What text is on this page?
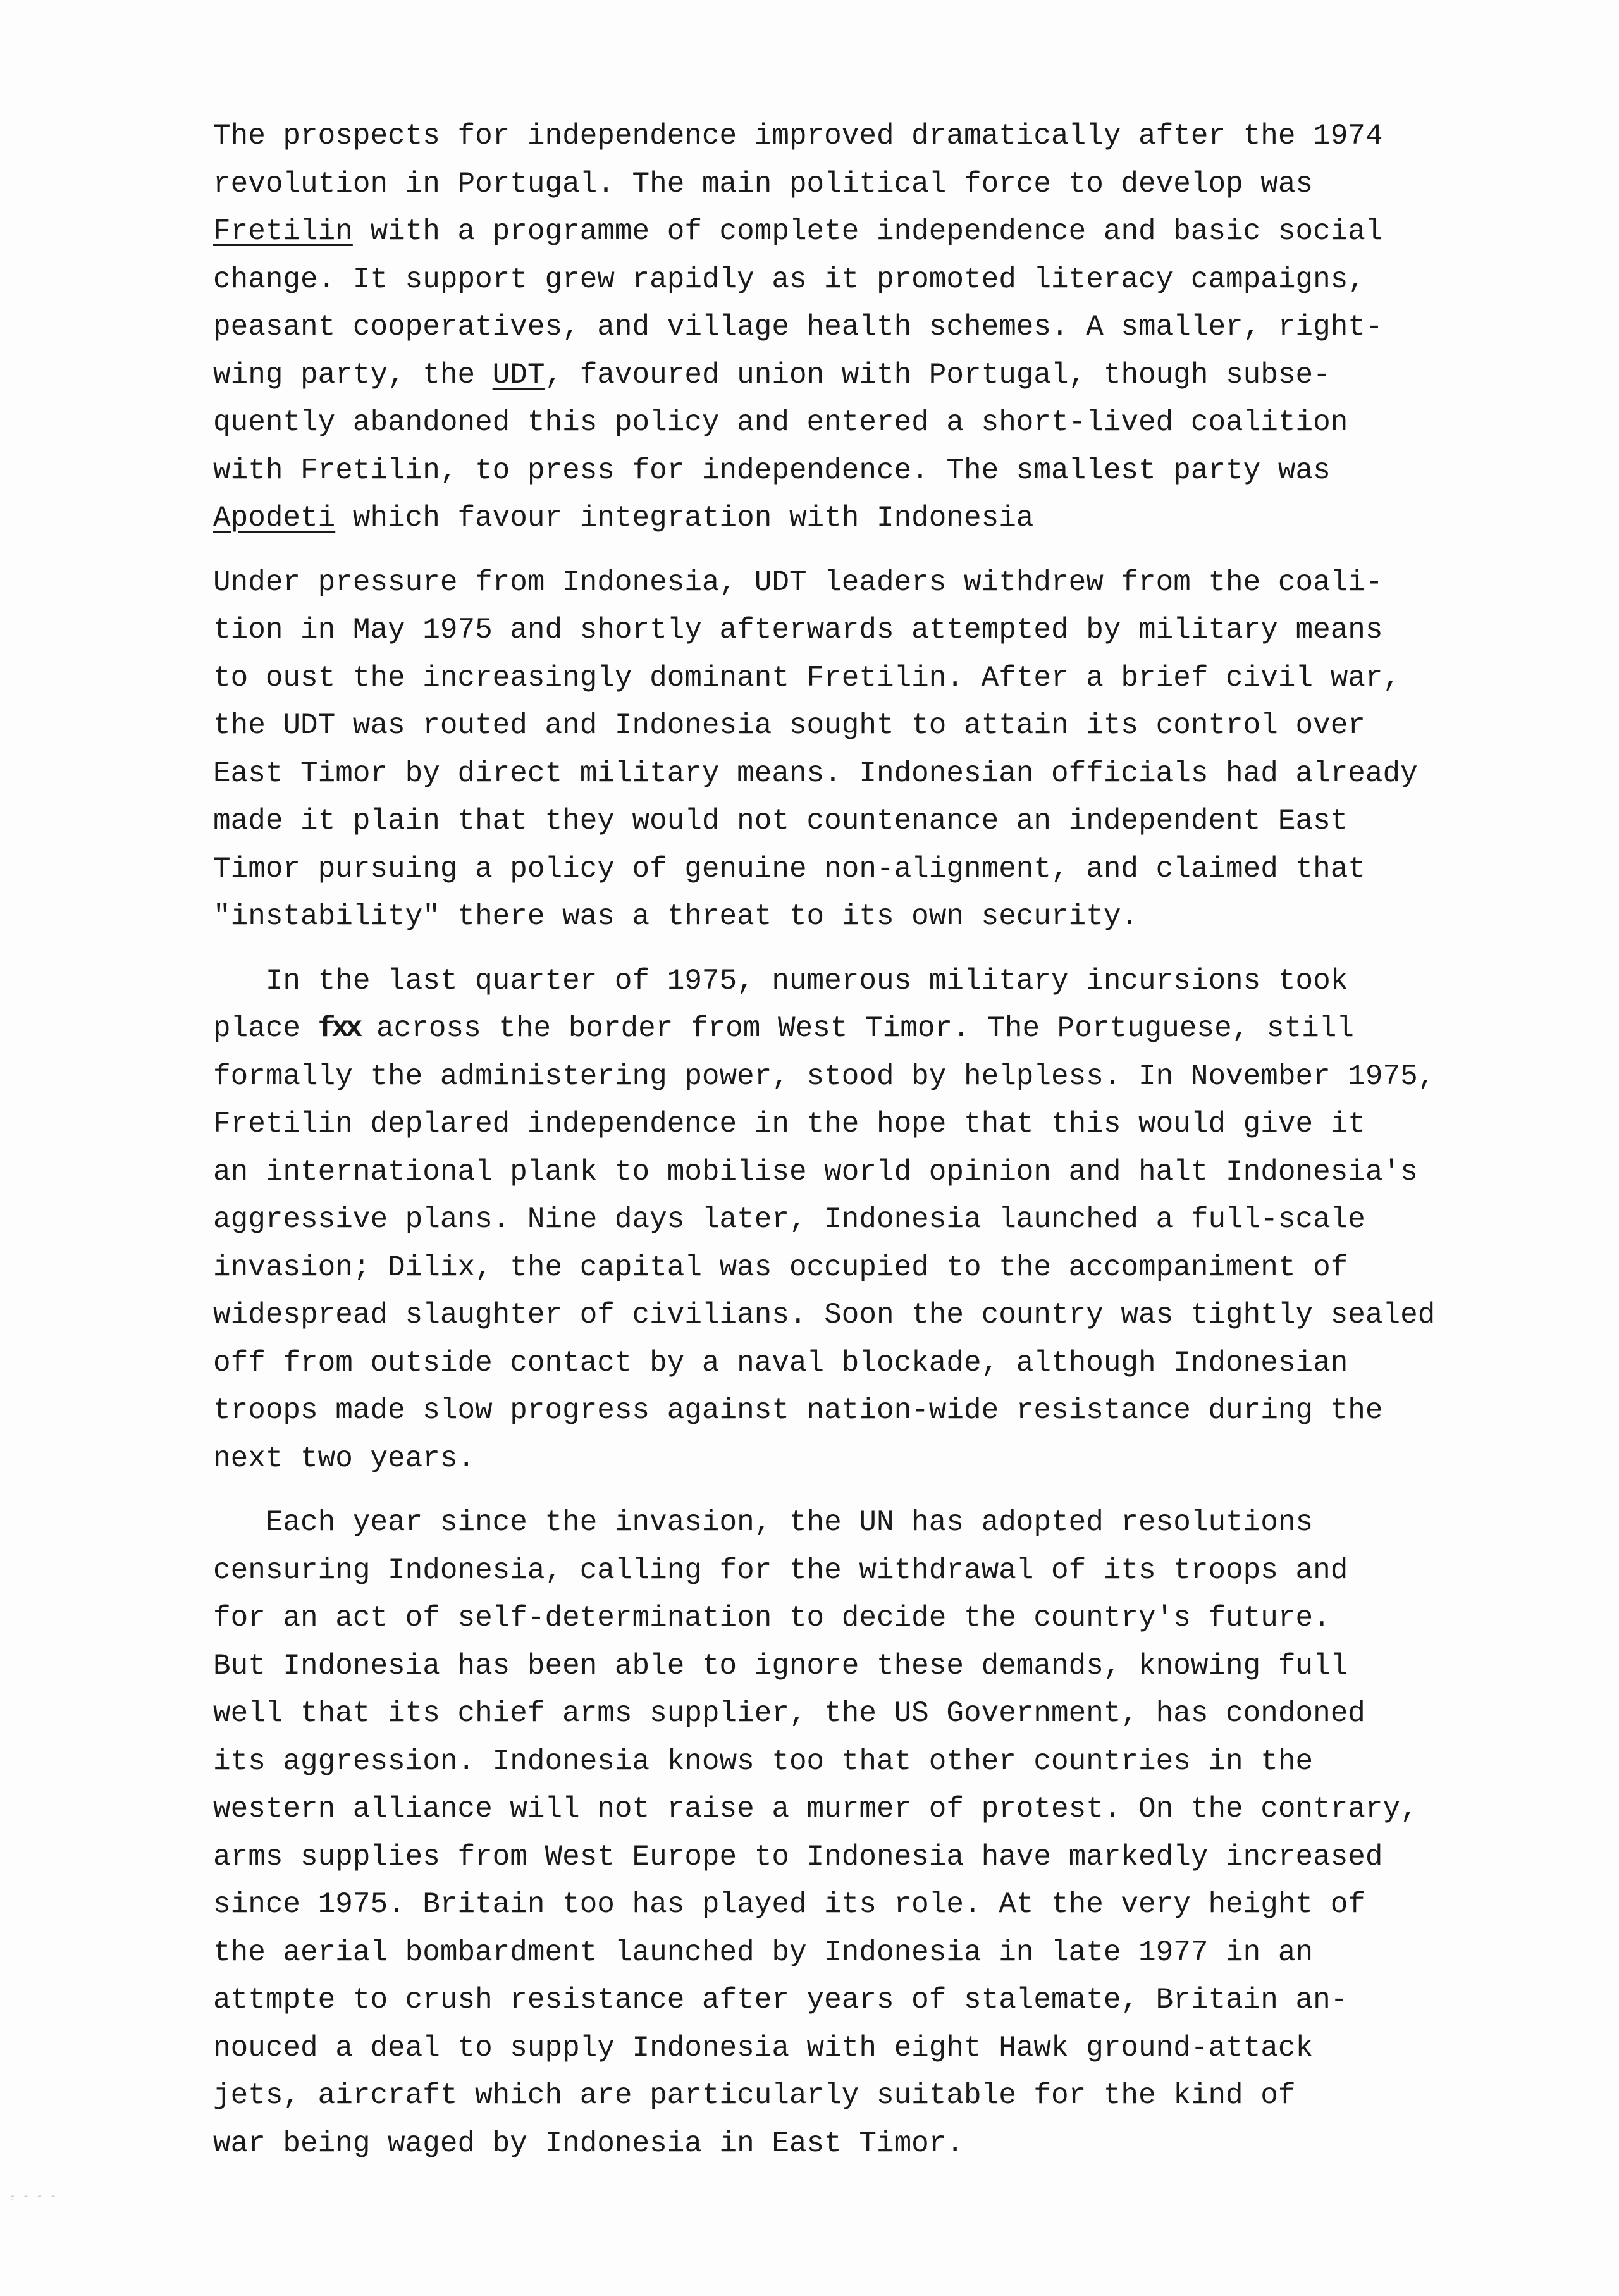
The prospects for independence improved dramatically after the 1974
revolution in Portugal. The main political force to develop was
Fretilin with a programme of complete independence and basic social
change. It support grew rapidly as it promoted literacy campaigns,
peasant cooperatives, and village health schemes. A smaller, right-
wing party, the UDT, favoured union with Portugal, though subse-
quently abandoned this policy and entered a short-lived coalition
with Fretilin, to press for independence. The smallest party was
Apodeti which favour integration with Indonesia
Under pressure from Indonesia, UDT leaders withdrew from the coali-
tion in May 1975 and shortly afterwards attempted by military means
to oust the increasingly dominant Fretilin. After a brief civil war,
the UDT was routed and Indonesia sought to attain its control over
East Timor by direct military means. Indonesian officials had already
made it plain that they would not countenance an independent East
Timor pursuing a policy of genuine non-alignment, and claimed that
"instability" there was a threat to its own security.
In the last quarter of 1975, numerous military incursions took
place fxx across the border from West Timor. The Portuguese, still
formally the administering power, stood by helpless. In November 1975,
Fretilin deplared independence in the hope that this would give it
an international plank to mobilise world opinion and halt Indonesia's
aggressive plans. Nine days later, Indonesia launched a full-scale
invasion; Dilix, the capital was occupied to the accompaniment of
widespread slaughter of civilians. Soon the country was tightly sealed
off from outside contact by a naval blockade, although Indonesian
troops made slow progress against nation-wide resistance during the
next two years.
Each year since the invasion, the UN has adopted resolutions
censuring Indonesia, calling for the withdrawal of its troops and
for an act of self-determination to decide the country's future.
But Indonesia has been able to ignore these demands, knowing full
well that its chief arms supplier, the US Government, has condoned
its aggression. Indonesia knows too that other countries in the
western alliance will not raise a murmer of protest. On the contrary,
arms supplies from West Europe to Indonesia have markedly increased
since 1975. Britain too has played its role. At the very height of
the aerial bombardment launched by Indonesia in late 1977 in an
attmpte to crush resistance after years of stalemate, Britain an-
nouced a deal to supply Indonesia with eight Hawk ground-attack
jets, aircraft which are particularly suitable for the kind of
war being waged by Indonesia in East Timor.
- - - - -
